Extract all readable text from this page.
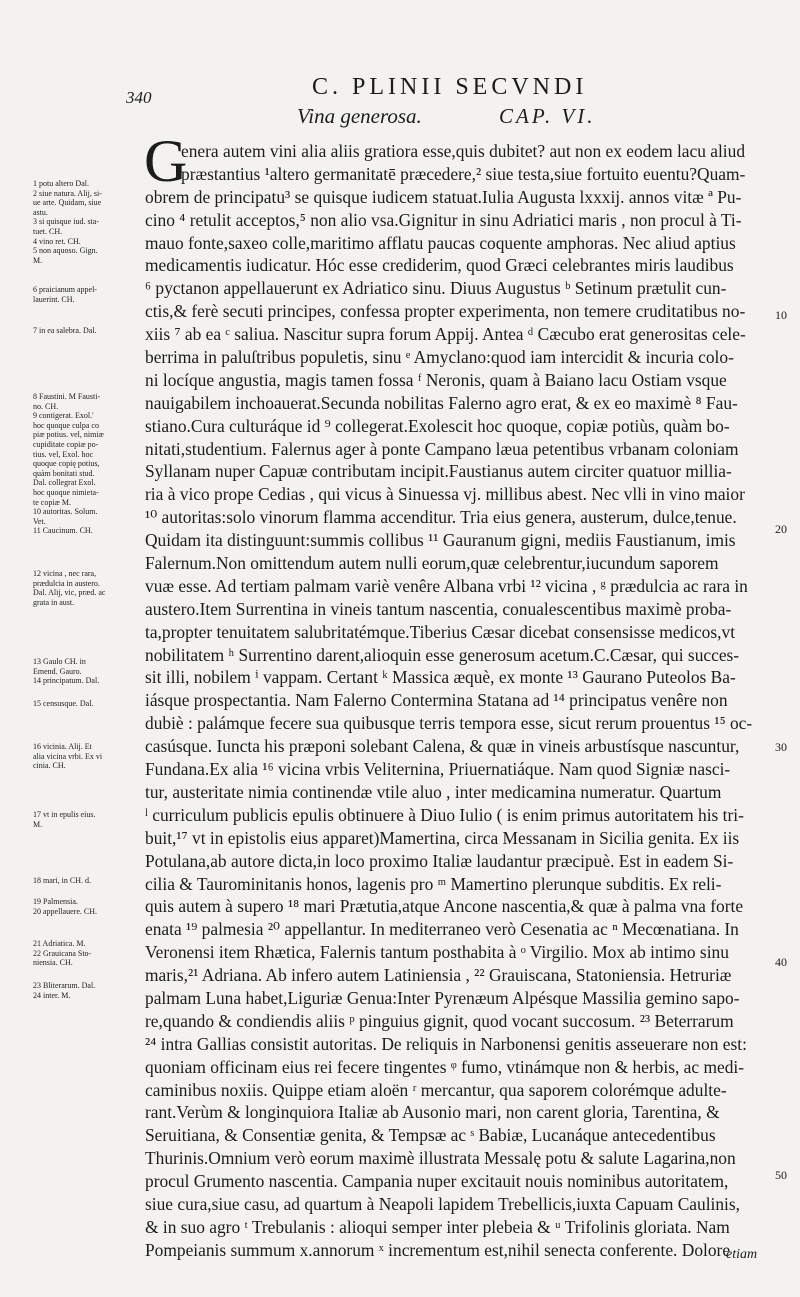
340	C. PLINII SECVNDI
Vina generosa.	CAP. VI.
1 potu altero Dal.
2 siue natura. Alij, si-
ue arte. Quidam, siue
astu.
3 si quisque iud. sta-
tuet. CH.
4 vino ret. CH.
5 non aquoso. Gign.
M.
6 praicianum appel-
lauerint. CH.
7 in ea salebra. Dal.
8 Faustini. M Fausti-
no. CH.
9 contigerat. Exol.'
hoc quoque culpa co
piæ potius. vel, nimiæ
cupiditate copiæ po-
tius. vel, Exol. hoc
quoque copię potius,
quàm bonitati stud.
Dal. collegrat Exol.
hoc quoque nimieta-
te copiæ M.
10 autoritas. Solum.
Vet.
11 Caucinum. CH.
12 vicina , nec rara,
prædulcia in austero.
Dal. Alij, vic, præd. ac
grata in aust.
13 Gaulo CH. in
Emend. Gauro.
14 principatum. Dal.
15 censusque. Dal.
16 vicinia. Alij. Et
alia vicina vrbi. Ex vi
cinia. CH.
17 vt in epulis eius.
M.
18 mari, in CH. d.
19 Palmensia.
20 appellauere. CH.
21 Adriatica. M.
22 Grauicana Sto-
niensia. CH.
23 Bliterarum. Dal.
24 inter. M.
G
enera autem vini alia aliis gratiora esse,quis dubitet? aut non ex eodem lacu aliud
præstantius ¹altero germanitatē præcedere,² siue testa,siue fortuito euentu?Quam-
obrem de principatu³ se quisque iudicem statuat.Iulia Augusta lxxxij. annos vitæ ª Pu-
cino ⁴ retulit acceptos,⁵ non alio vsa.Gignitur in sinu Adriatici maris , non procul à Ti-
mauo fonte,saxeo colle,maritimo afflatu paucas coquente amphoras. Nec aliud aptius
medicamentis iudicatur. Hóc esse crediderim, quod Græci celebrantes miris laudibus
⁶ pyctanon appellauerunt ex Adriatico sinu. Diuus Augustus ᵇ Setinum prætulit cun-
ctis,& ferè secuti principes, confessa propter experimenta, non temere cruditatibus no-
xiis ⁷ ab ea ᶜ saliua. Nascitur supra forum Appij. Antea ᵈ Cæcubo erat generositas cele-
berrima in paluſtribus populetis, sinu ᵉ Amyclano:quod iam intercidit & incuria colo-
ni locíque angustia, magis tamen fossa ᶠ Neronis, quam à Baiano lacu Ostiam vsque
nauigabilem inchoauerat.Secunda nobilitas Falerno agro erat, & ex eo maximè ⁸ Fau-
stiano.Cura culturáque id ⁹ collegerat.Exolescit hoc quoque, copiæ potiùs, quàm bo-
nitati,studentium. Falernus ager à ponte Campano læua petentibus vrbanam coloniam
Syllanam nuper Capuæ contributam incipit.Faustianus autem circiter quatuor millia-
ria à vico prope Cedias , qui vicus à Sinuessa vj. millibus abest. Nec vlli in vino maior
¹⁰ autoritas:solo vinorum flamma accenditur. Tria eius genera, austerum, dulce,tenue.
Quidam ita distinguunt:summis collibus ¹¹ Gauranum gigni, mediis Faustianum, imis
Falernum.Non omittendum autem nulli eorum,quæ celebrentur,iucundum saporem
vuæ esse. Ad tertiam palmam variè venêre Albana vrbi ¹² vicina , ᵍ prædulcia ac rara in
austero.Item Surrentina in vineis tantum nascentia, conualescentibus maximè proba-
ta,propter tenuitatem salubritatémque.Tiberius Cæsar dicebat consensisse medicos,vt
nobilitatem ʰ Surrentino darent,alioquin esse generosum acetum.C.Cæsar, qui succes-
sit illi, nobilem ⁱ vappam. Certant ᵏ Massica æquè, ex monte ¹³ Gaurano Puteolos Ba-
iásque prospectantia. Nam Falerno Contermina Statana ad ¹⁴ principatus venêre non
dubiè : palámque fecere sua quibusque terris tempora esse, sicut rerum prouentus ¹⁵ oc-
casúsque. Iuncta his præponi solebant Calena, & quæ in vineis arbustísque nascuntur,
Fundana.Ex alia ¹⁶ vicina vrbis Veliternina, Priuernatiáque. Nam quod Signiæ nasci-
tur, austeritate nimia continendæ vtile aluo , inter medicamina numeratur. Quartum
ˡ curriculum publicis epulis obtinuere à Diuo Iulio ( is enim primus autoritatem his tri-
buit,¹⁷ vt in epistolis eius apparet)Mamertina, circa Messanam in Sicilia genita. Ex iis
Potulana,ab autore dicta,in loco proximo Italiæ laudantur præcipuè. Est in eadem Si-
cilia & Taurominitanis honos, lagenis pro ᵐ Mamertino plerunque subditis. Ex reli-
quis autem à supero ¹⁸ mari Prætutia,atque Ancone nascentia,& quæ à palma vna forte
enata ¹⁹ palmesia ²⁰ appellantur. In mediterraneo verò Cesenatia ac ⁿ Mecœnatiana. In
Veronensi item Rhætica, Falernis tantum posthabita à ᵒ Virgilio. Mox ab intimo sinu
maris,²¹ Adriana. Ab infero autem Latiniensia , ²² Grauiscana, Statoniensia. Hetruriæ
palmam Luna habet,Liguriæ Genua:Inter Pyrenæum Alpésque Massilia gemino sapo-
re,quando & condiendis aliis ᵖ pinguius gignit, quod vocant succosum. ²³ Beterrarum
²⁴ intra Gallias consistit autoritas. De reliquis in Narbonensi genitis asseuerare non est:
quoniam officinam eius rei fecere tingentes ᵠ fumo, vtinámque non & herbis, ac medi-
caminibus noxiis. Quippe etiam aloën ʳ mercantur, qua saporem colorémque adulte-
rant.Verùm & longinquiora Italiæ ab Ausonio mari, non carent gloria, Tarentina, &
Seruitiana, & Consentiæ genita, & Tempsæ ac ˢ Babiæ, Lucanáque antecedentibus
Thurinis.Omnium verò eorum maximè illustrata Messalę potu & salute Lagarina,non
procul Grumento nascentia. Campania nuper excitauit nouis nominibus autoritatem,
siue cura,siue casu, ad quartum à Neapoli lapidem Trebellicis,iuxta Capuam Caulinis,
& in suo agro ᵗ Trebulanis : alioqui semper inter plebeia & ᵘ Trifolinis gloriata. Nam
Pompeianis summum x.annorum ˣ incrementum est,nihil senecta conferente. Dolore
10
20
30
40
50
etiam
